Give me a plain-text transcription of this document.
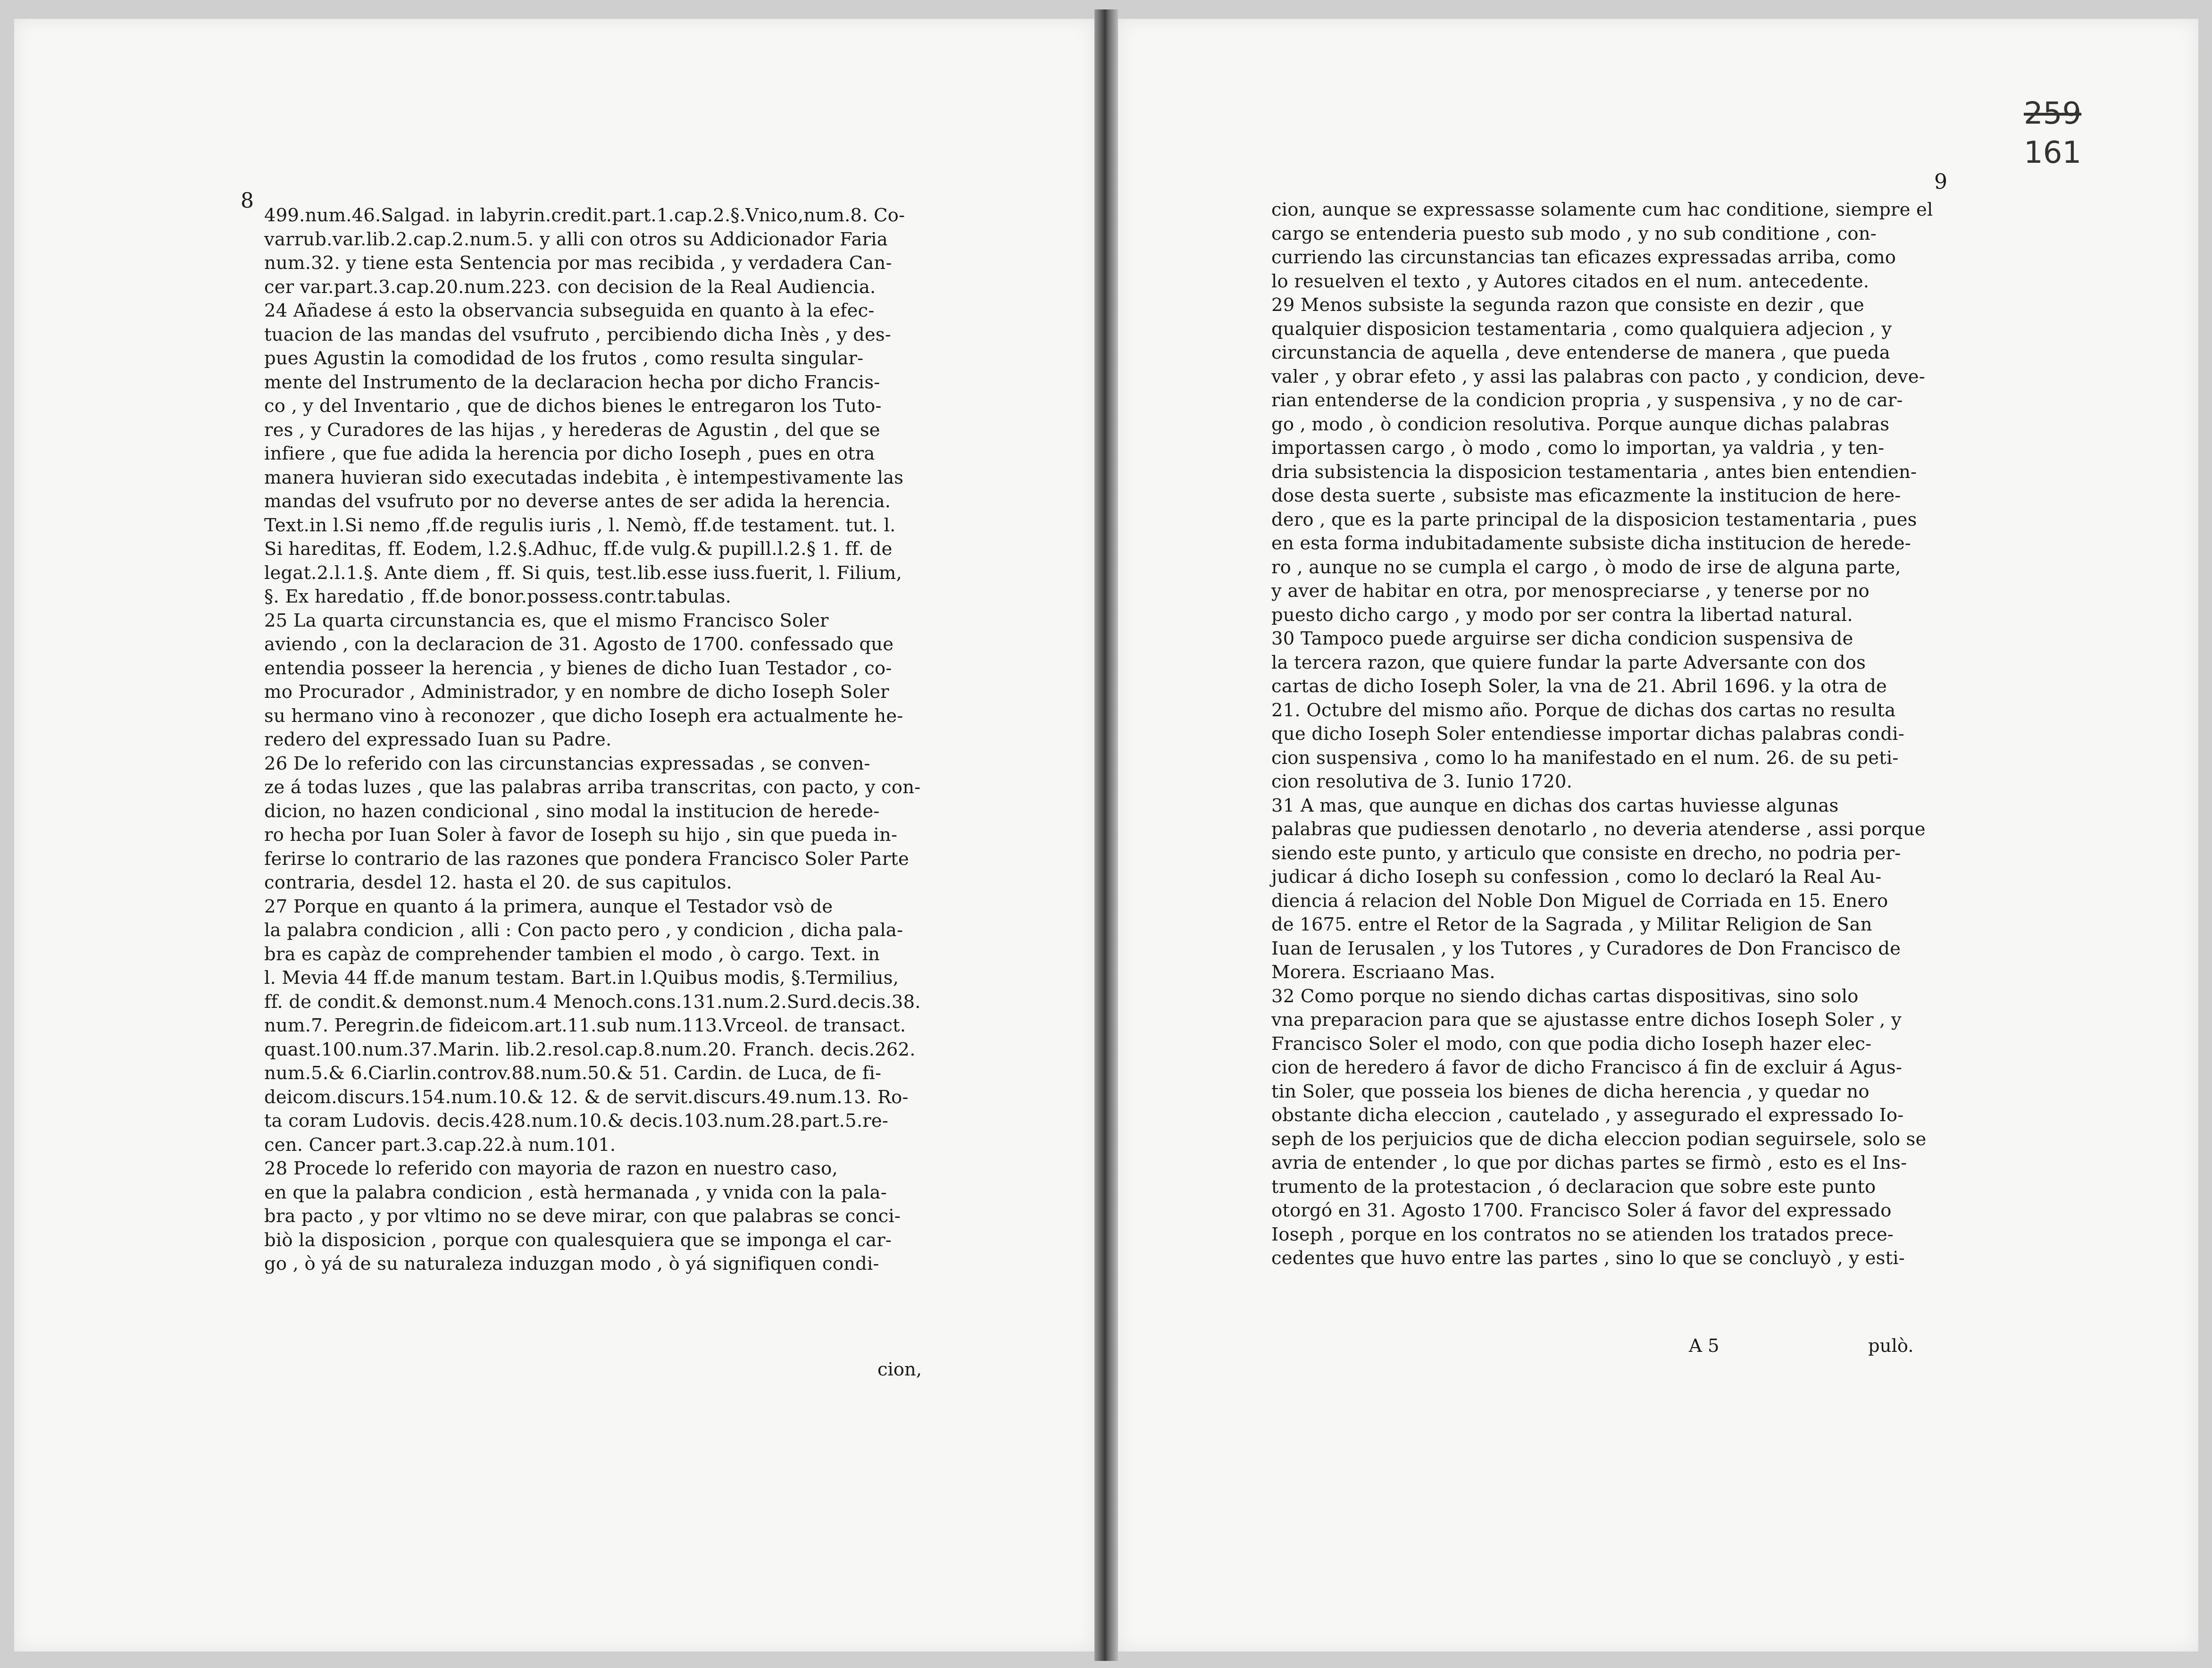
8
9
259
161
499.num.46.Salgad. in labyrin.credit.part.1.cap.2.§.Vnico,num.8. Co-
varrub.var.lib.2.cap.2.num.5. y alli con otros su Addicionador Faria
num.32. y tiene esta Sentencia por mas recibida , y verdadera Can-
cer var.part.3.cap.20.num.223. con decision de la Real Audiencia.
24 Añadese á esto la observancia subseguida en quanto à la efec-
tuacion de las mandas del vsufruto , percibiendo dicha Inès , y des-
pues Agustin la comodidad de los frutos , como resulta singular-
mente del Instrumento de la declaracion hecha por dicho Francis-
co , y del Inventario , que de dichos bienes le entregaron los Tuto-
res , y Curadores de las hijas , y herederas de Agustin , del que se
infiere , que fue adida la herencia por dicho Ioseph , pues en otra
manera huvieran sido executadas indebita , è intempestivamente las
mandas del vsufruto por no deverse antes de ser adida la herencia.
Text.in l.Si nemo ,ff.de regulis iuris , l. Nemò, ff.de testament. tut. l.
Si hareditas, ff. Eodem, l.2.§.Adhuc, ff.de vulg.& pupill.l.2.§ 1. ff. de
legat.2.l.1.§. Ante diem , ff. Si quis, test.lib.esse iuss.fuerit, l. Filium,
§. Ex haredatio , ff.de bonor.possess.contr.tabulas.
25 La quarta circunstancia es, que el mismo Francisco Soler
aviendo , con la declaracion de 31. Agosto de 1700. confessado que
entendia posseer la herencia , y bienes de dicho Iuan Testador , co-
mo Procurador , Administrador, y en nombre de dicho Ioseph Soler
su hermano vino à reconozer , que dicho Ioseph era actualmente he-
redero del expressado Iuan su Padre.
26 De lo referido con las circunstancias expressadas , se conven-
ze á todas luzes , que las palabras arriba transcritas, con pacto, y con-
dicion, no hazen condicional , sino modal la institucion de herede-
ro hecha por Iuan Soler à favor de Ioseph su hijo , sin que pueda in-
ferirse lo contrario de las razones que pondera Francisco Soler Parte
contraria, desdel 12. hasta el 20. de sus capitulos.
27 Porque en quanto á la primera, aunque el Testador vsò de
la palabra condicion , alli : Con pacto pero , y condicion , dicha pala-
bra es capàz de comprehender tambien el modo , ò cargo. Text. in
l. Mevia 44 ff.de manum testam. Bart.in l.Quibus modis, §.Termilius,
ff. de condit.& demonst.num.4 Menoch.cons.131.num.2.Surd.decis.38.
num.7. Peregrin.de fideicom.art.11.sub num.113.Vrceol. de transact.
quast.100.num.37.Marin. lib.2.resol.cap.8.num.20. Franch. decis.262.
num.5.& 6.Ciarlin.controv.88.num.50.& 51. Cardin. de Luca, de fi-
deicom.discurs.154.num.10.& 12. & de servit.discurs.49.num.13. Ro-
ta coram Ludovis. decis.428.num.10.& decis.103.num.28.part.5.re-
cen. Cancer part.3.cap.22.à num.101.
28 Procede lo referido con mayoria de razon en nuestro caso,
en que la palabra condicion , està hermanada , y vnida con la pala-
bra pacto , y por vltimo no se deve mirar, con que palabras se conci-
biò la disposicion , porque con qualesquiera que se imponga el car-
go , ò yá de su naturaleza induzgan modo , ò yá signifiquen condi-
cion, aunque se expressasse solamente cum hac conditione, siempre el
cargo se entenderia puesto sub modo , y no sub conditione , con-
curriendo las circunstancias tan eficazes expressadas arriba, como
lo resuelven el texto , y Autores citados en el num. antecedente.
29 Menos subsiste la segunda razon que consiste en dezir , que
qualquier disposicion testamentaria , como qualquiera adjecion , y
circunstancia de aquella , deve entenderse de manera , que pueda
valer , y obrar efeto , y assi las palabras con pacto , y condicion, deve-
rian entenderse de la condicion propria , y suspensiva , y no de car-
go , modo , ò condicion resolutiva. Porque aunque dichas palabras
importassen cargo , ò modo , como lo importan, ya valdria , y ten-
dria subsistencia la disposicion testamentaria , antes bien entendien-
dose desta suerte , subsiste mas eficazmente la institucion de here-
dero , que es la parte principal de la disposicion testamentaria , pues
en esta forma indubitadamente subsiste dicha institucion de herede-
ro , aunque no se cumpla el cargo , ò modo de irse de alguna parte,
y aver de habitar en otra, por menospreciarse , y tenerse por no
puesto dicho cargo , y modo por ser contra la libertad natural.
30 Tampoco puede arguirse ser dicha condicion suspensiva de
la tercera razon, que quiere fundar la parte Adversante con dos
cartas de dicho Ioseph Soler, la vna de 21. Abril 1696. y la otra de
21. Octubre del mismo año. Porque de dichas dos cartas no resulta
que dicho Ioseph Soler entendiesse importar dichas palabras condi-
cion suspensiva , como lo ha manifestado en el num. 26. de su peti-
cion resolutiva de 3. Iunio 1720.
31 A mas, que aunque en dichas dos cartas huviesse algunas
palabras que pudiessen denotarlo , no deveria atenderse , assi porque
siendo este punto, y articulo que consiste en drecho, no podria per-
judicar á dicho Ioseph su confession , como lo declaró la Real Au-
diencia á relacion del Noble Don Miguel de Corriada en 15. Enero
de 1675. entre el Retor de la Sagrada , y Militar Religion de San
Iuan de Ierusalen , y los Tutores , y Curadores de Don Francisco de
Morera. Escriaano Mas.
32 Como porque no siendo dichas cartas dispositivas, sino solo
vna preparacion para que se ajustasse entre dichos Ioseph Soler , y
Francisco Soler el modo, con que podia dicho Ioseph hazer elec-
cion de heredero á favor de dicho Francisco á fin de excluir á Agus-
tin Soler, que posseia los bienes de dicha herencia , y quedar no
obstante dicha eleccion , cautelado , y assegurado el expressado Io-
seph de los perjuicios que de dicha eleccion podian seguirsele, solo se
avria de entender , lo que por dichas partes se firmò , esto es el Ins-
trumento de la protestacion , ó declaracion que sobre este punto
otorgó en 31. Agosto 1700. Francisco Soler á favor del expressado
Ioseph , porque en los contratos no se atienden los tratados prece-
cedentes que huvo entre las partes , sino lo que se concluyò , y esti-
cion,
A 5	pulò.
